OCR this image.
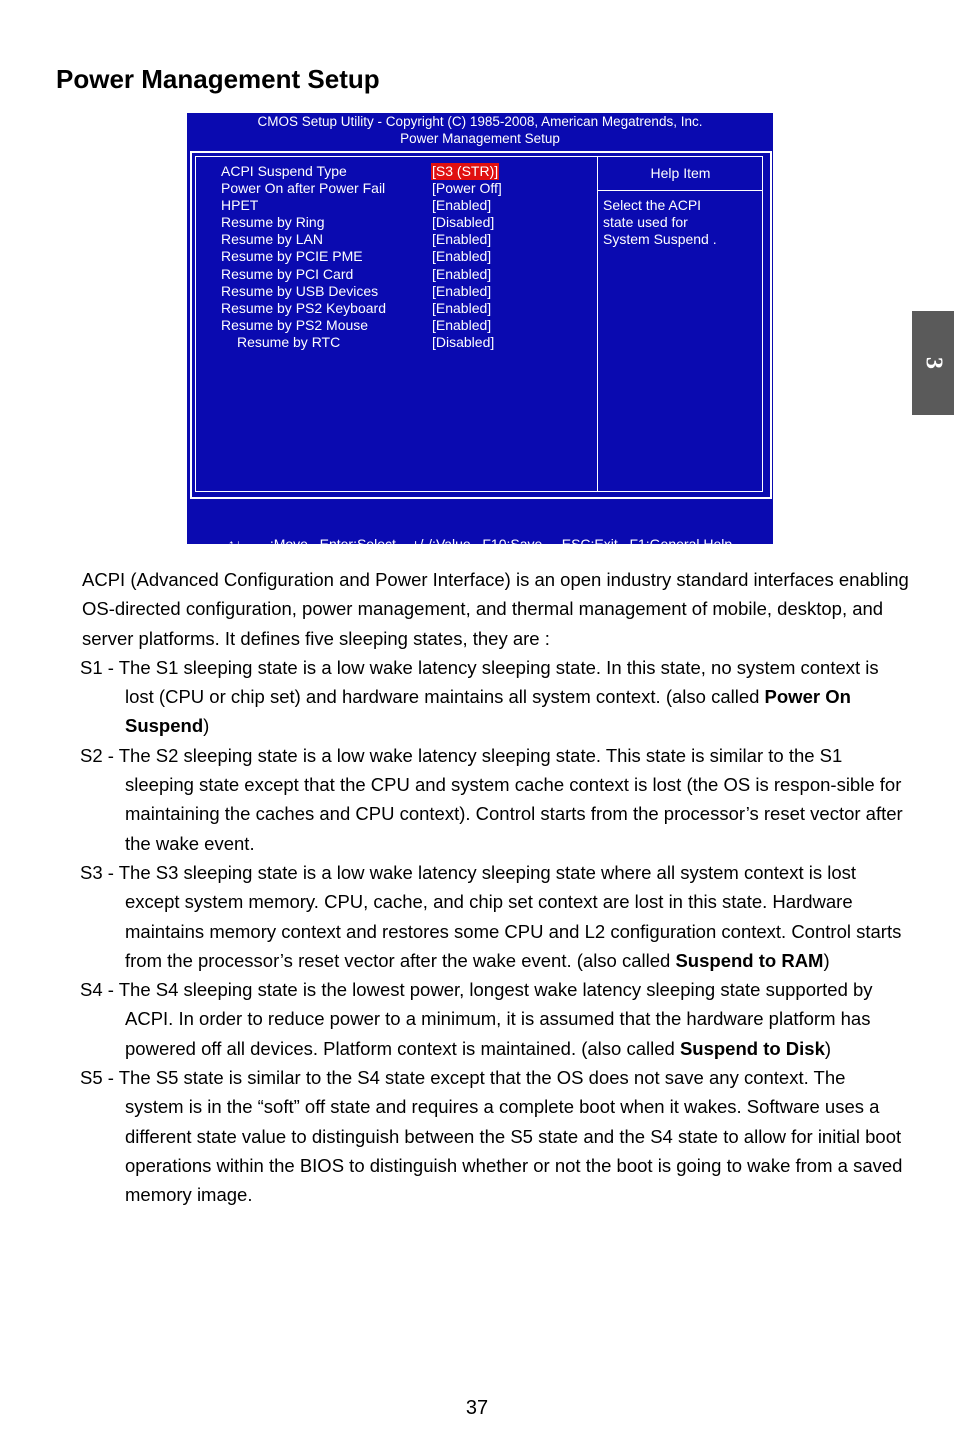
Power Management Setup
3
CMOS Setup Utility - Copyright (C) 1985-2008, American Megatrends, Inc.
Power Management Setup
ACPI Suspend Type	[S3 (STR)]
Power On after Power Fail	[Power Off]
HPET	[Enabled]
Resume by Ring	[Disabled]
Resume by LAN	[Enabled]
Resume by PCIE PME	[Enabled]
Resume by PCI Card	[Enabled]
Resume by USB Devices	[Enabled]
Resume by PS2 Keyboard	[Enabled]
Resume by PS2 Mouse	[Enabled]
Resume by RTC	[Disabled]
Help Item
Select the ACPI
state used for
System Suspend .

↑↓→←:Move   Enter:Select    +/-/:Value   F10:Save     ESC:Exit   F1:General Help

F9:Optimized Defaults

ACPI (Advanced Configuration and Power Interface) is an open industry standard interfaces enabling OS-directed configuration, power management, and thermal management of mobile, desktop, and server platforms. It defines five sleeping states, they are :

S1 - The S1 sleeping state is a low wake latency sleeping state. In this state, no system context is lost (CPU or chip set) and hardware maintains all system context. (also called Power On Suspend)

S2 - The S2 sleeping state is a low wake latency sleeping state. This state is similar to the S1 sleeping state except that the CPU and system cache context is lost (the OS is respon-sible for maintaining the caches and CPU context). Control starts from the processor’s reset vector after the wake event.

S3 - The S3 sleeping state is a low wake latency sleeping state where all system context is lost except system memory. CPU, cache, and chip set context are lost in this state. Hardware maintains memory context and restores some CPU and L2 configuration context. Control starts from the processor’s reset vector after the wake event. (also called Suspend to RAM)

S4 - The S4 sleeping state is the lowest power, longest wake latency sleeping state supported by ACPI. In order to reduce power to a minimum, it is assumed that the hardware platform has powered off all devices. Platform context is maintained. (also called Suspend to Disk)

S5 - The S5 state is similar to the S4 state except that the OS does not save any context. The system is in the “soft” off state and requires a complete boot when it wakes. Software uses a different state value to distinguish between the S5 state and the S4 state to allow for initial boot operations within the BIOS to distinguish whether or not the boot is going to wake from a saved memory image.

37
